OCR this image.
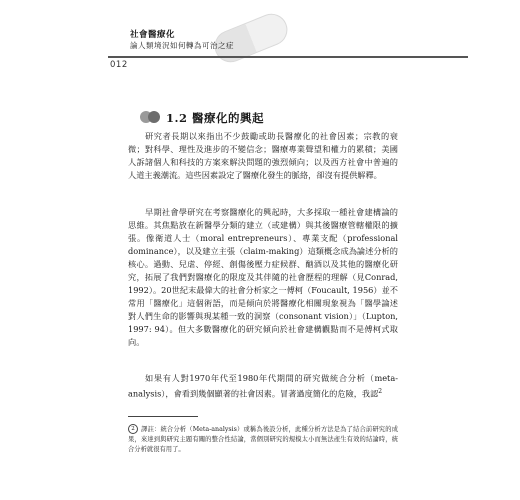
社會醫療化
論人類境況如何轉為可治之症
012
1.2 醫療化的興起

研究者長期以來指出不少鼓勵或助長醫療化的社會因素；宗教的衰微；對科學、理性及進步的不變信念；醫療專業聲望和權力的累積；美國人訴諸個人和科技的方案來解決問題的強烈傾向；以及西方社會中普遍的人道主義潮流。這些因素設定了醫療化發生的脈絡，卻沒有提供解釋。

早期社會學研究在考察醫療化的興起時，大多採取一種社會建構論的思維。其焦點放在新醫學分類的建立（或建構）與其後醫療管轄權限的擴張。像衛道人士（moral entrepreneurs）、專業支配（professional dominance），以及建立主張（claim-making）這類概念成為論述分析的核心。過動、兒虐、停經、創傷後壓力症候群、酗酒以及其他的醫療化研究，拓展了我們對醫療化的限度及其伴隨的社會歷程的理解（見Conrad, 1992）。20世紀末最偉大的社會分析家之一傅柯（Foucault, 1956）並不常用「醫療化」這個術語，而是傾向於將醫療化相關現象視為「醫學論述對人們生命的影響與現某種一致的洞察（consonant vision）」（Lupton, 1997: 94）。但大多數醫療化的研究傾向於社會建構觀點而不是傅柯式取向。

如果有人對1970年代至1980年代期間的研究做統合分析（meta-analysis），會看到幾個顯著的社會因素。冒著過度簡化的危險，我認$^2$

2 譯註：統合分析（Meta-analysis）或稱為後設分析，此種分析方法是為了結合前研究的成果，來達到與研究主題有關的整合性結論，當個別研究的規模太小而無法產生有效的結論時，統合分析就很有用了。
